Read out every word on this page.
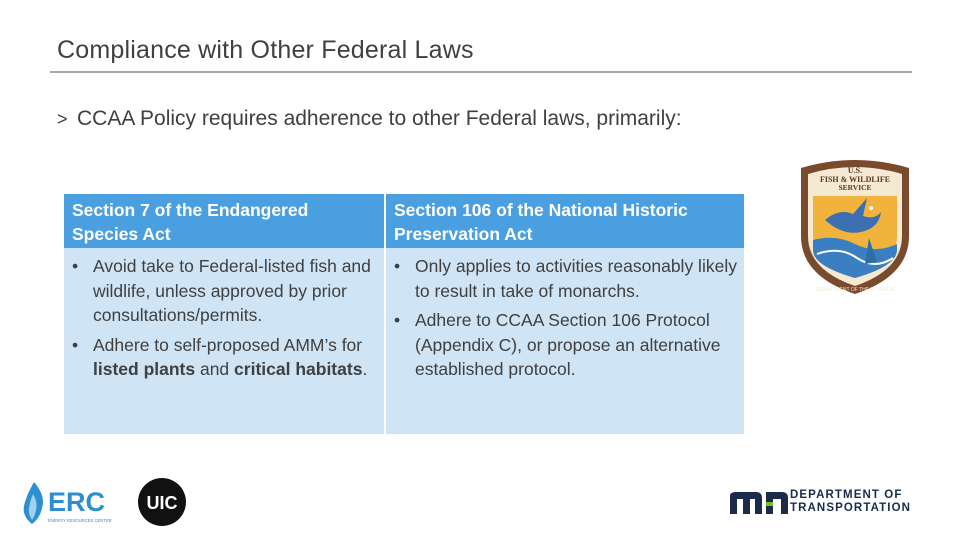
Compliance with Other Federal Laws
> CCAA Policy requires adherence to other Federal laws, primarily:
Section 7 of the Endangered Species Act
Section 106 of the National Historic Preservation Act
• Avoid take to Federal-listed fish and wildlife, unless approved by prior consultations/permits.
• Adhere to self-proposed AMM’s for listed plants and critical habitats.
• Only applies to activities reasonably likely to result in take of monarchs.
• Adhere to CCAA Section 106 Protocol (Appendix C), or propose an alternative established protocol.
U.S.
FISH & WILDLIFE
SERVICE
DEPARTMENT OF THE INTERIOR
ERC
ENERGY RESOURCES CENTER
UIC	DEPARTMENT OF
TRANSPORTATION
